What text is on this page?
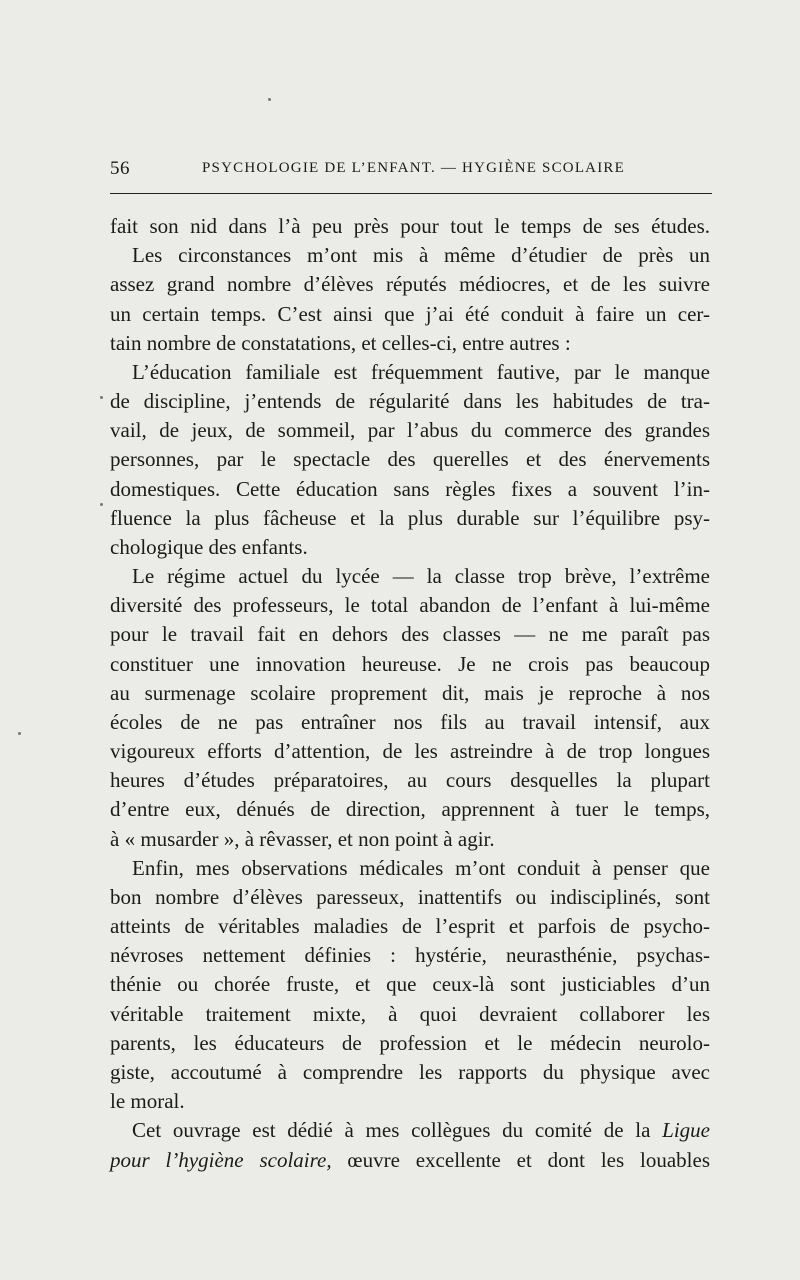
56	PSYCHOLOGIE DE L’ENFANT. — HYGIÈNE SCOLAIRE
fait son nid dans l’à peu près pour tout le temps de ses études.
Les circonstances m’ont mis à même d’étudier de près un
assez grand nombre d’élèves réputés médiocres, et de les suivre
un certain temps. C’est ainsi que j’ai été conduit à faire un cer-
tain nombre de constatations, et celles-ci, entre autres :
L’éducation familiale est fréquemment fautive, par le manque
de discipline, j’entends de régularité dans les habitudes de tra-
vail, de jeux, de sommeil, par l’abus du commerce des grandes
personnes, par le spectacle des querelles et des énervements
domestiques. Cette éducation sans règles fixes a souvent l’in-
fluence la plus fâcheuse et la plus durable sur l’équilibre psy-
chologique des enfants.
Le régime actuel du lycée — la classe trop brève, l’extrême
diversité des professeurs, le total abandon de l’enfant à lui-même
pour le travail fait en dehors des classes — ne me paraît pas
constituer une innovation heureuse. Je ne crois pas beaucoup
au surmenage scolaire proprement dit, mais je reproche à nos
écoles de ne pas entraîner nos fils au travail intensif, aux
vigoureux efforts d’attention, de les astreindre à de trop longues
heures d’études préparatoires, au cours desquelles la plupart
d’entre eux, dénués de direction, apprennent à tuer le temps,
à « musarder », à rêvasser, et non point à agir.
Enfin, mes observations médicales m’ont conduit à penser que
bon nombre d’élèves paresseux, inattentifs ou indisciplinés, sont
atteints de véritables maladies de l’esprit et parfois de psycho-
névroses nettement définies : hystérie, neurasthénie, psychas-
thénie ou chorée fruste, et que ceux-là sont justiciables d’un
véritable traitement mixte, à quoi devraient collaborer les
parents, les éducateurs de profession et le médecin neurolo-
giste, accoutumé à comprendre les rapports du physique avec
le moral.
Cet ouvrage est dédié à mes collègues du comité de la Ligue
pour l’hygiène scolaire, œuvre excellente et dont les louables
